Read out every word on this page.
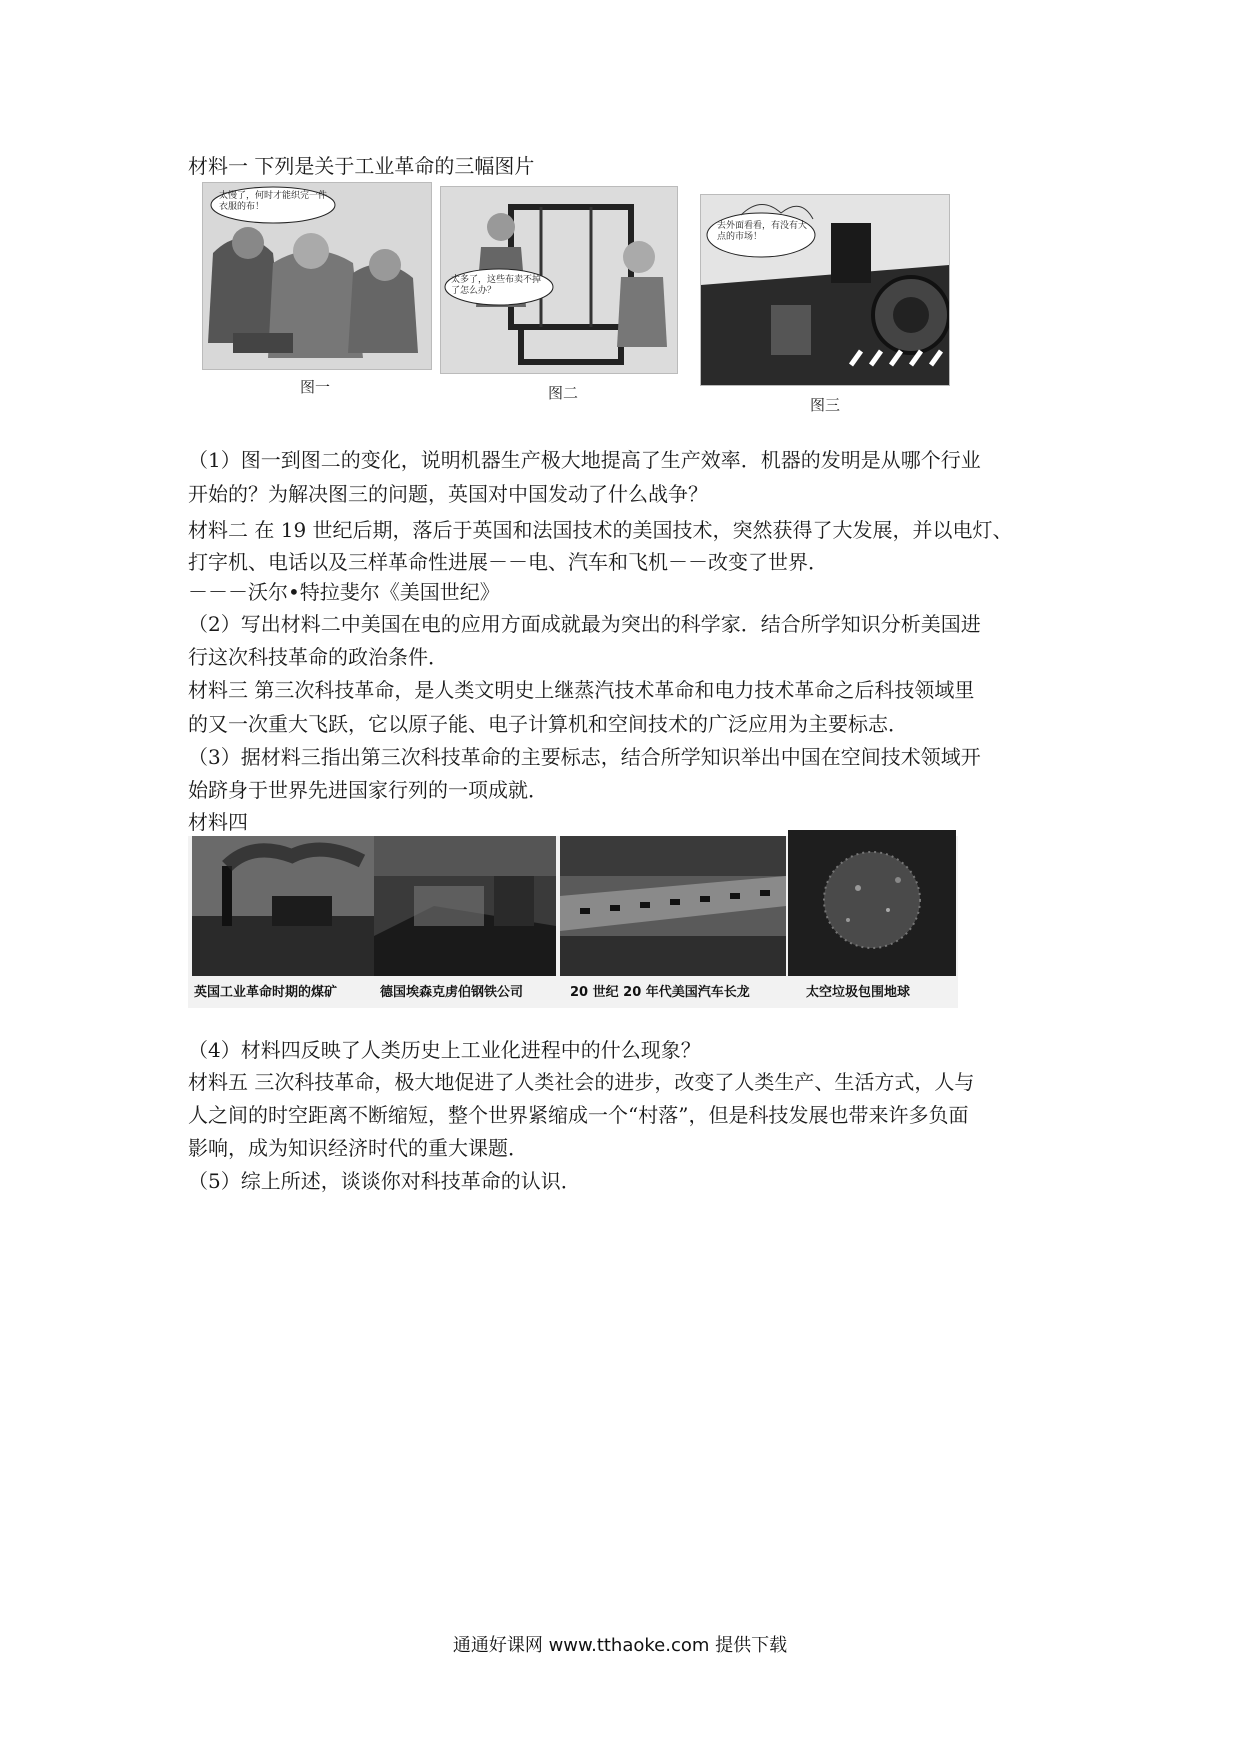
材料一 下列是关于工业革命的三幅图片
太慢了，何时才能织完一件衣服的布！
图一
太多了，这些布卖不掉了怎么办？
图二
去外面看看，有没有大点的市场！
图三
（1）图一到图二的变化，说明机器生产极大地提高了生产效率．机器的发明是从哪个行业
开始的？为解决图三的问题，英国对中国发动了什么战争？
材料二 在 19 世纪后期，落后于英国和法国技术的美国技术，突然获得了大发展，并以电灯、
打字机、电话以及三样革命性进展－－电、汽车和飞机－－改变了世界．
－－－沃尔•特拉斐尔《美国世纪》
（2）写出材料二中美国在电的应用方面成就最为突出的科学家．结合所学知识分析美国进
行这次科技革命的政治条件．
材料三 第三次科技革命，是人类文明史上继蒸汽技术革命和电力技术革命之后科技领域里
的又一次重大飞跃，它以原子能、电子计算机和空间技术的广泛应用为主要标志．
（3）据材料三指出第三次科技革命的主要标志，结合所学知识举出中国在空间技术领域开
始跻身于世界先进国家行列的一项成就．
材料四
英国工业革命时期的煤矿	德国埃森克虏伯钢铁公司	20 世纪 20 年代美国汽车长龙	太空垃圾包围地球
（4）材料四反映了人类历史上工业化进程中的什么现象？
材料五 三次科技革命，极大地促进了人类社会的进步，改变了人类生产、生活方式，人与
人之间的时空距离不断缩短，整个世界紧缩成一个“村落”，但是科技发展也带来许多负面
影响，成为知识经济时代的重大课题．
（5）综上所述，谈谈你对科技革命的认识．
通通好课网 www.tthaoke.com 提供下载
